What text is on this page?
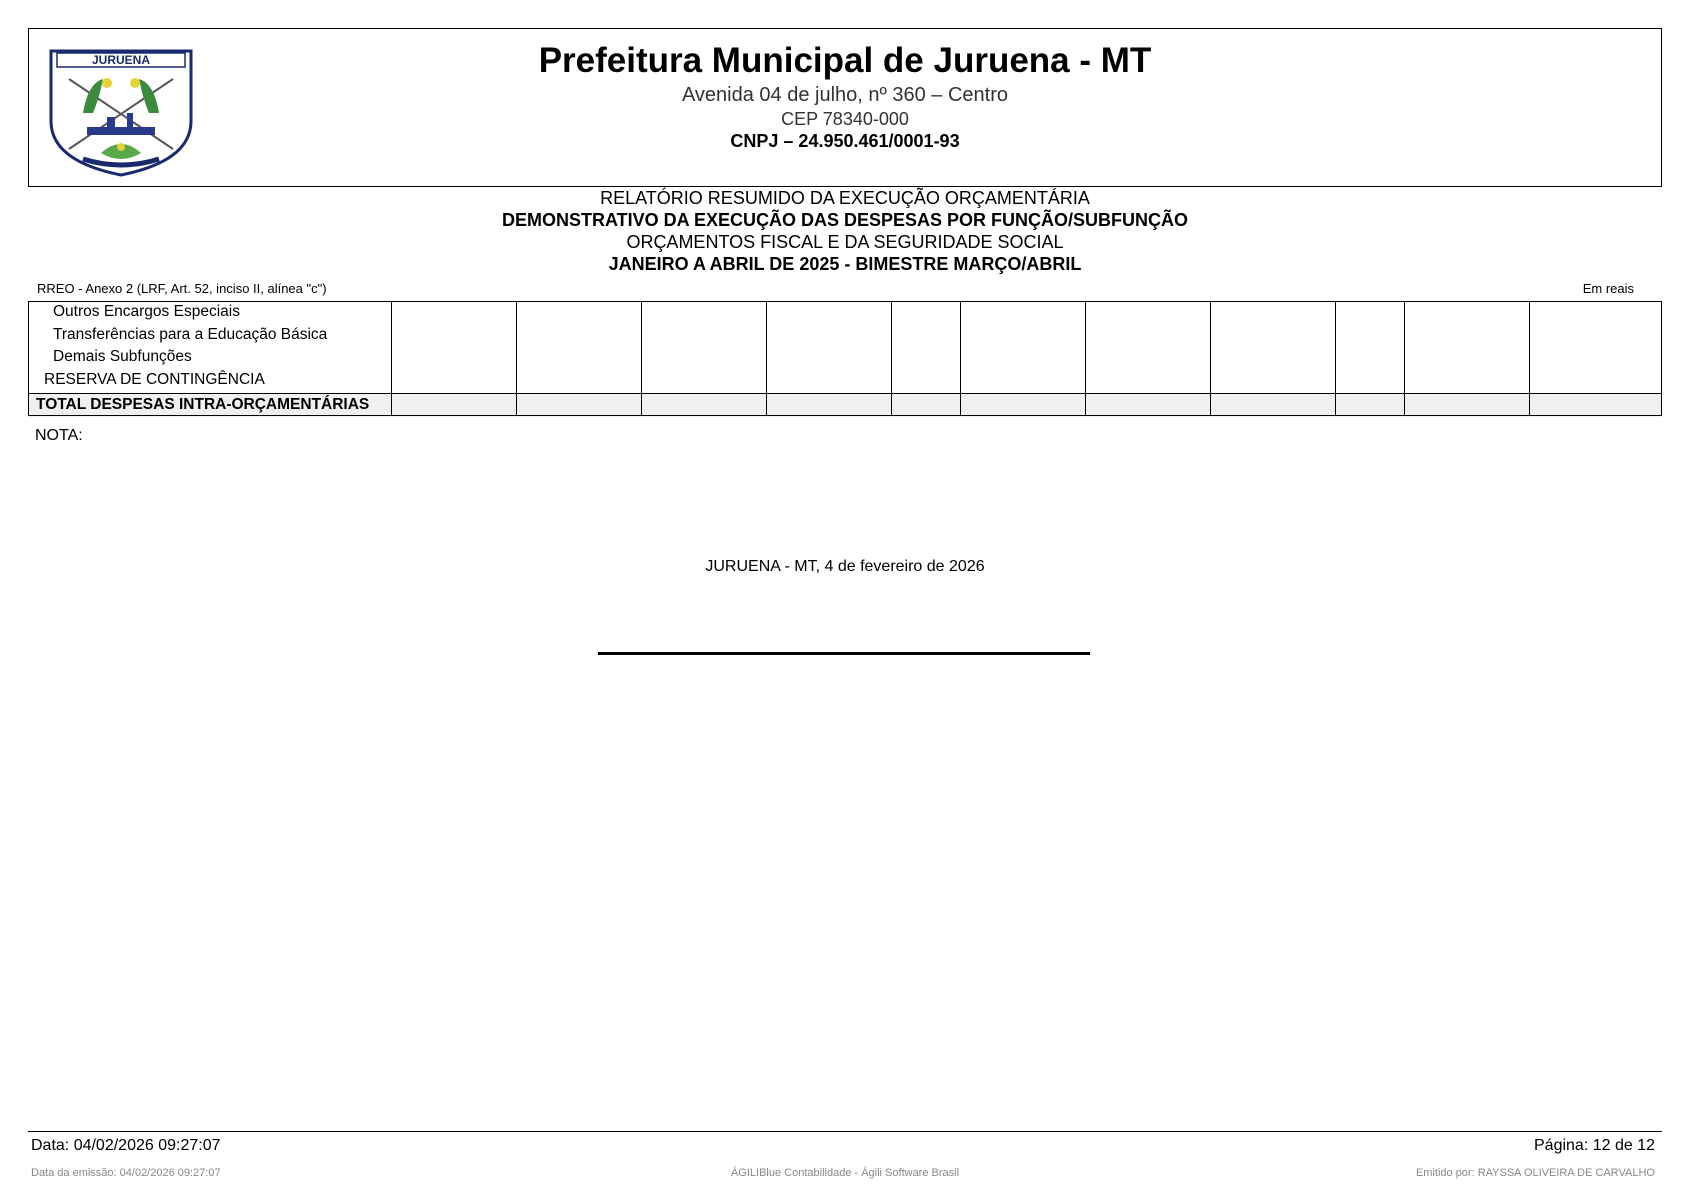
JURUENA	Prefeitura Municipal de Juruena - MT
Avenida 04 de julho, nº 360 – Centro
CEP 78340-000
CNPJ – 24.950.461/0001-93
RELATÓRIO RESUMIDO DA EXECUÇÃO ORÇAMENTÁRIA
DEMONSTRATIVO DA EXECUÇÃO DAS DESPESAS POR FUNÇÃO/SUBFUNÇÃO
ORÇAMENTOS FISCAL E DA SEGURIDADE SOCIAL
JANEIRO A ABRIL DE 2025 - BIMESTRE MARÇO/ABRIL
RREO - Anexo 2 (LRF, Art. 52, inciso II, alínea "c")	Em reais
Outros Encargos Especiais
Transferências para a Educação Básica
Demais Subfunções
RESERVA DE CONTINGÊNCIA
TOTAL DESPESAS INTRA-ORÇAMENTÁRIAS
NOTA:
JURUENA - MT, 4 de fevereiro de 2026
Data: 04/02/2026 09:27:07	Página: 12 de 12
Data da emissão: 04/02/2026 09:27:07	ÁGILIBlue Contabilidade - Ágili Software Brasil	Emitido por: RAYSSA OLIVEIRA DE CARVALHO
